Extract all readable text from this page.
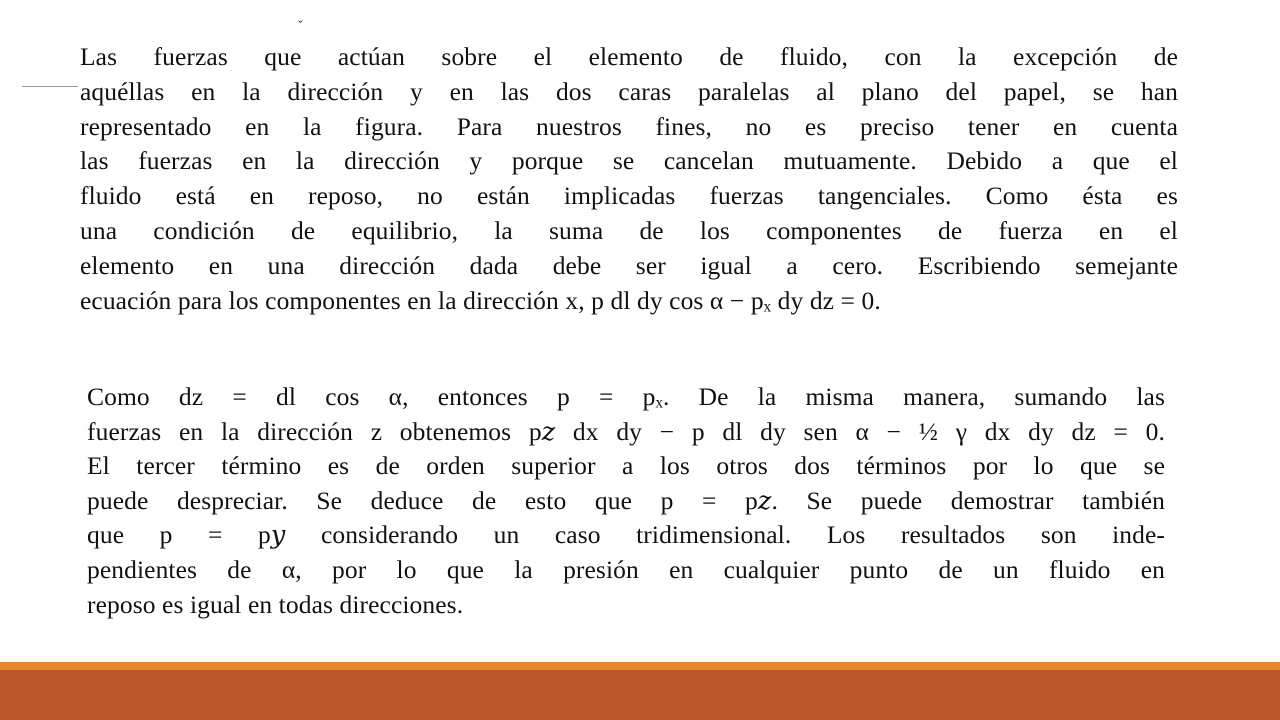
ˇ
Las fuerzas que actúan sobre el elemento de fluido, con la excepción de
aquéllas en la dirección y en las dos caras paralelas al plano del papel, se han
representado en la figura. Para nuestros fines, no es preciso tener en cuenta
las fuerzas en la dirección y porque se cancelan mutuamente. Debido a que el
fluido está en reposo, no están implicadas fuerzas tangenciales. Como ésta es
una condición de equilibrio, la suma de los componentes de fuerza en el
elemento en una dirección dada debe ser igual a cero. Escribiendo semejante
ecuación para los componentes en la dirección x, p dl dy cos α − pₓ dy dz = 0.
Como dz = dl cos α, entonces p = pₓ. De la misma manera, sumando las
fuerzas en la dirección z obtenemos p𝑧 dx dy − p dl dy sen α − ½ γ dx dy dz = 0.
El tercer término es de orden superior a los otros dos términos por lo que se
puede despreciar. Se deduce de esto que p = p𝑧. Se puede demostrar también
que p = p𝑦 considerando un caso tridimensional. Los resultados son inde-
pendientes de α, por lo que la presión en cualquier punto de un fluido en
reposo es igual en todas direcciones.
